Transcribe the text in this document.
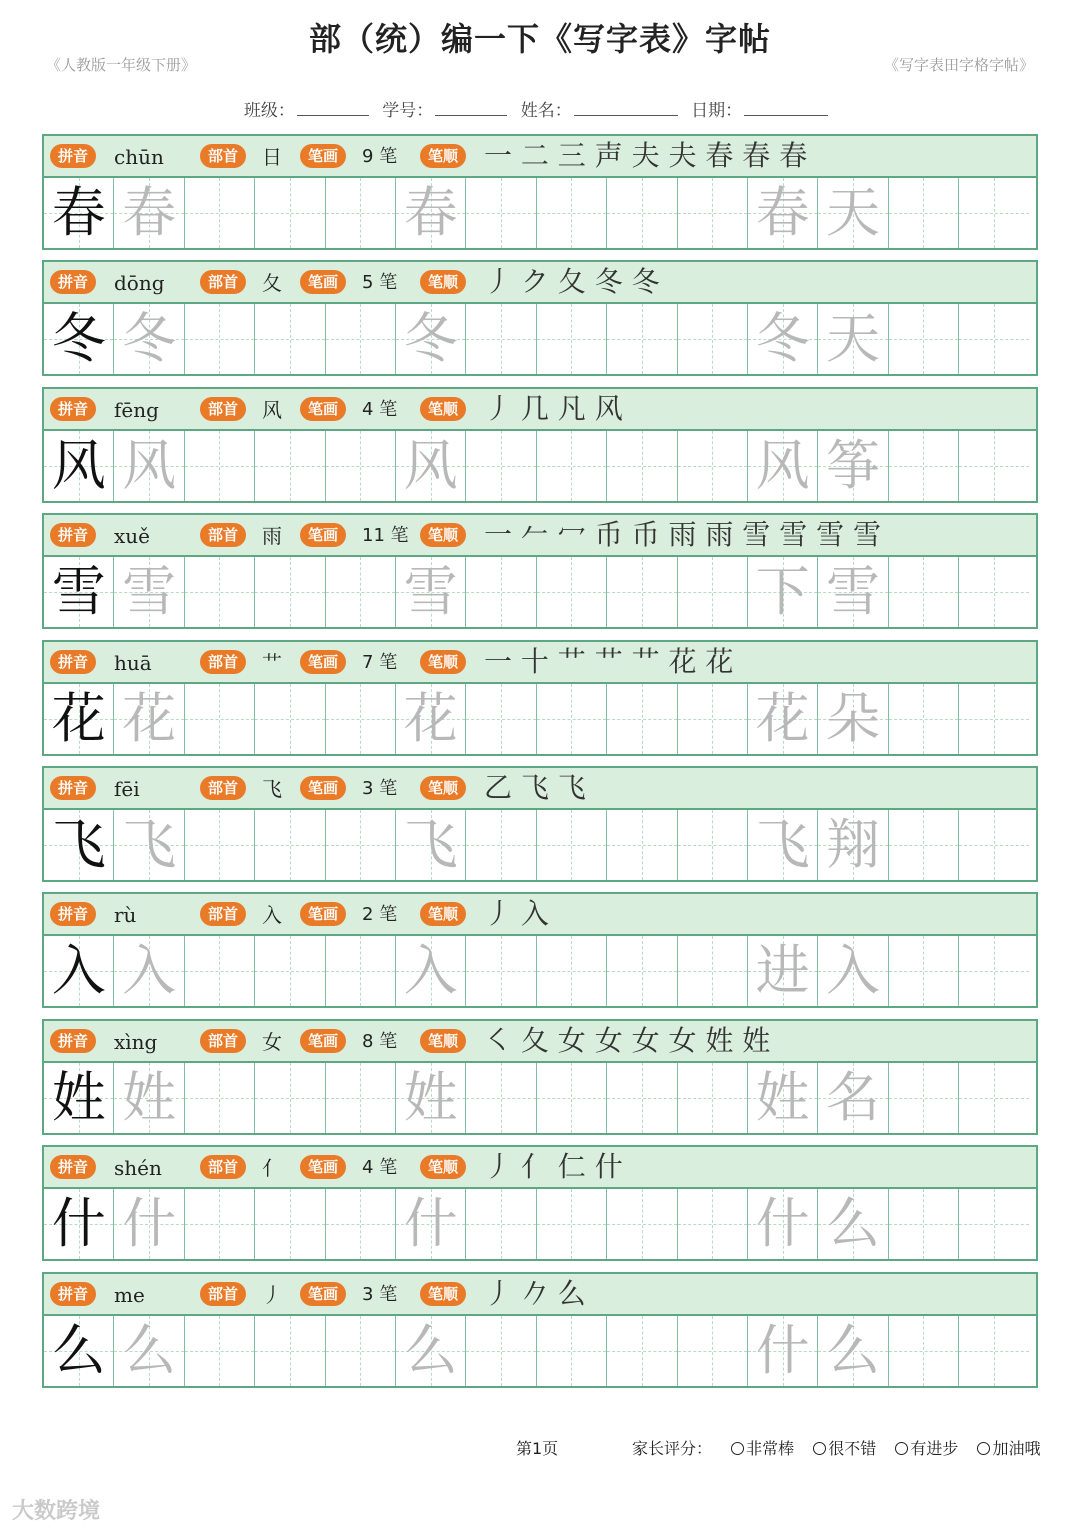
部（统）编一下《写字表》字帖
《人教版一年级下册》	《写字表田字格字帖》
班级：	学号：	姓名：	日期：
拼音	chūn	部首	日	笔画	9 笔	笔顺 一 二 三 声 夫 夫 春 春 春
春 春	春	春 天
拼音	dōng	部首	夂	笔画	5 笔	笔顺 丿 ク 夂 冬 冬
冬 冬	冬	冬 天
拼音	fēng	部首	风	笔画	4 笔	笔顺 丿 几 凡 风
风 风	风	风 筝
拼音	xuě	部首	雨	笔画	11 笔	笔顺 一 𠂉 冖 币 币 雨 雨 雪 雪 雪 雪
雪 雪	雪	下 雪
拼音	huā	部首	艹	笔画	7 笔	笔顺 一 十 艹 艹 艹 花 花
花 花	花	花 朵
拼音	fēi	部首	飞	笔画	3 笔	笔顺 乙 飞 飞
飞 飞	飞	飞 翔
拼音	rù	部首	入	笔画	2 笔	笔顺 丿 入
入 入	入	进 入
拼音	xìng	部首	女	笔画	8 笔	笔顺 ㇛ 夂 女 女 女 女 姓 姓
姓 姓	姓	姓 名
拼音	shén	部首	亻	笔画	4 笔	笔顺 丿 亻 仁 什
什 什	什	什 么
拼音	me	部首	丿	笔画	3 笔	笔顺 丿 𠂊 么
么 么	么	什 么
第1页	家长评分： 非常棒 很不错 有进步 加油哦
大数跨境
